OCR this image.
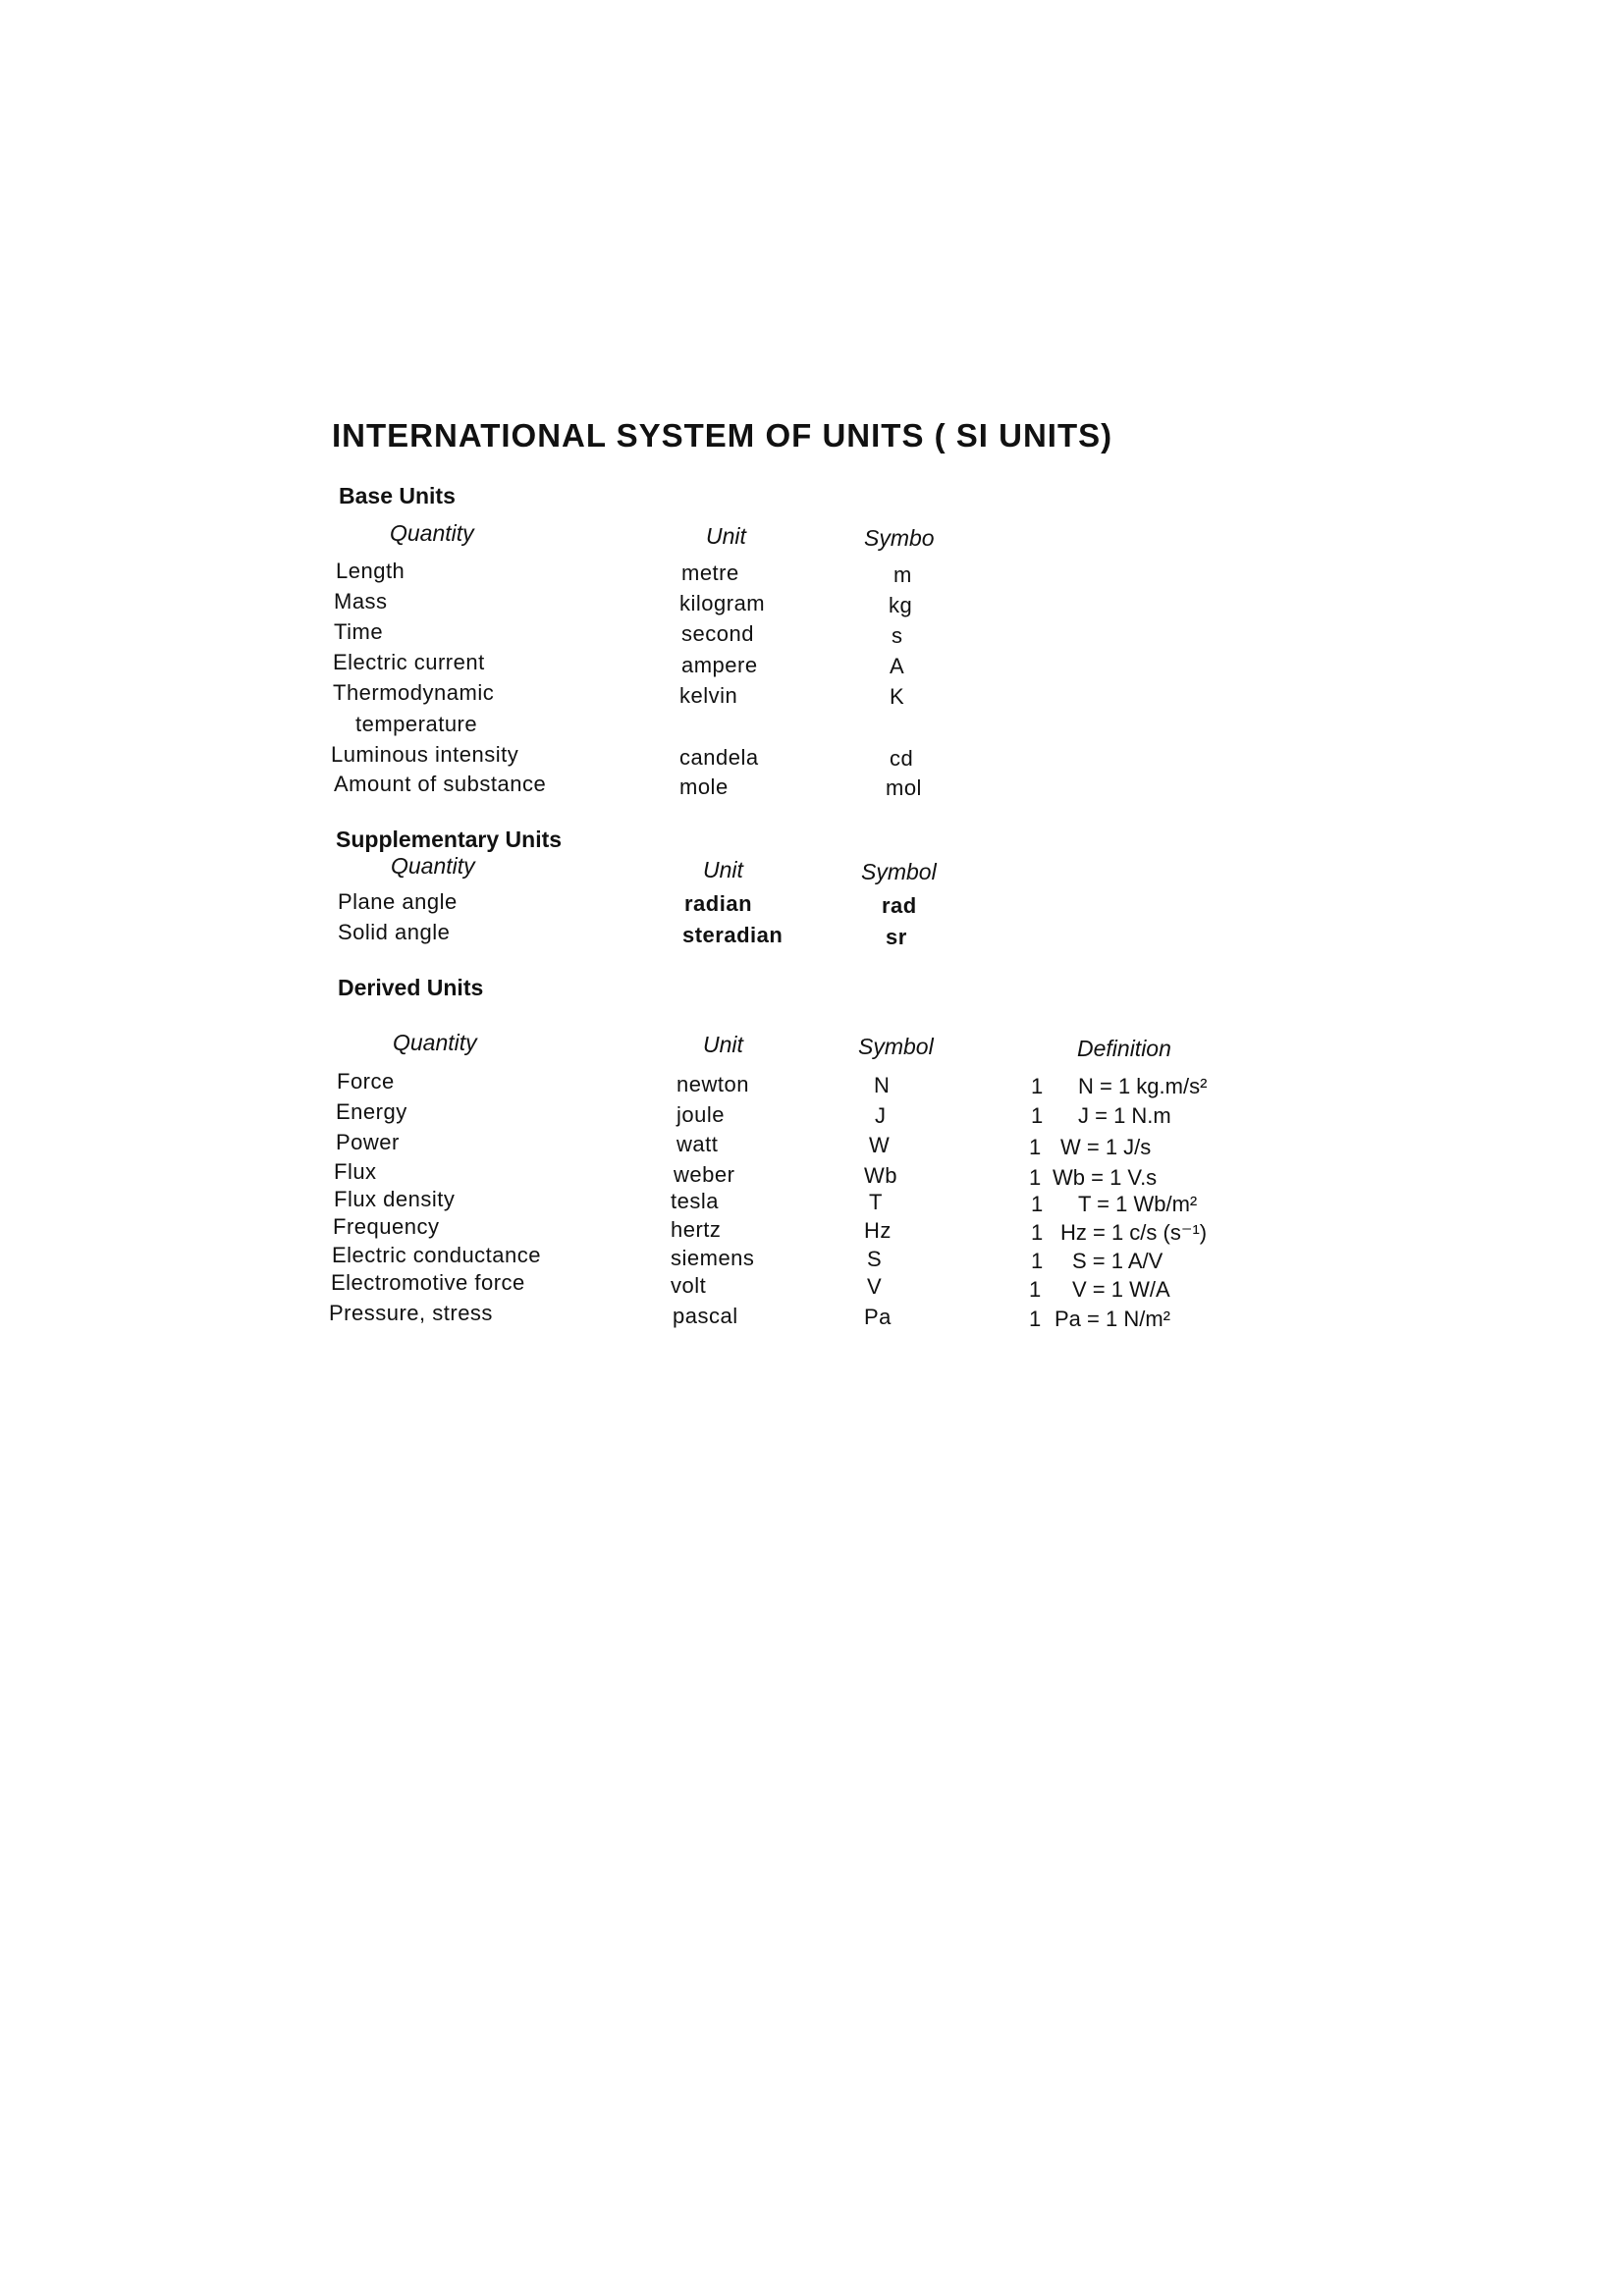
INTERNATIONAL SYSTEM OF UNITS ( SI UNITS)
Base Units
Quantity	Unit	Symbo
Length	metre	m
Mass	kilogram	kg
Time	second	s
Electric current	ampere	A
Thermodynamic	kelvin	K
temperature
Luminous intensity	candela	cd
Amount of substance	mole	mol
Supplementary Units
Quantity	Unit	Symbol
Plane angle	radian	rad
Solid angle	steradian	sr
Derived Units
Quantity	Unit	Symbol	Definition
Force	newton	N	1 N = 1 kg.m/s²
Energy	joule	J	1 J = 1 N.m
Power	watt	W	1 W = 1 J/s
Flux	weber	Wb	1 Wb = 1 V.s
Flux density	tesla	T	1 T = 1 Wb/m²
Frequency	hertz	Hz	1 Hz = 1 c/s (s⁻¹)
Electric conductance	siemens	S	1 S = 1 A/V
Electromotive force	volt	V	1 V = 1 W/A
Pressure, stress	pascal	Pa	1 Pa = 1 N/m²
